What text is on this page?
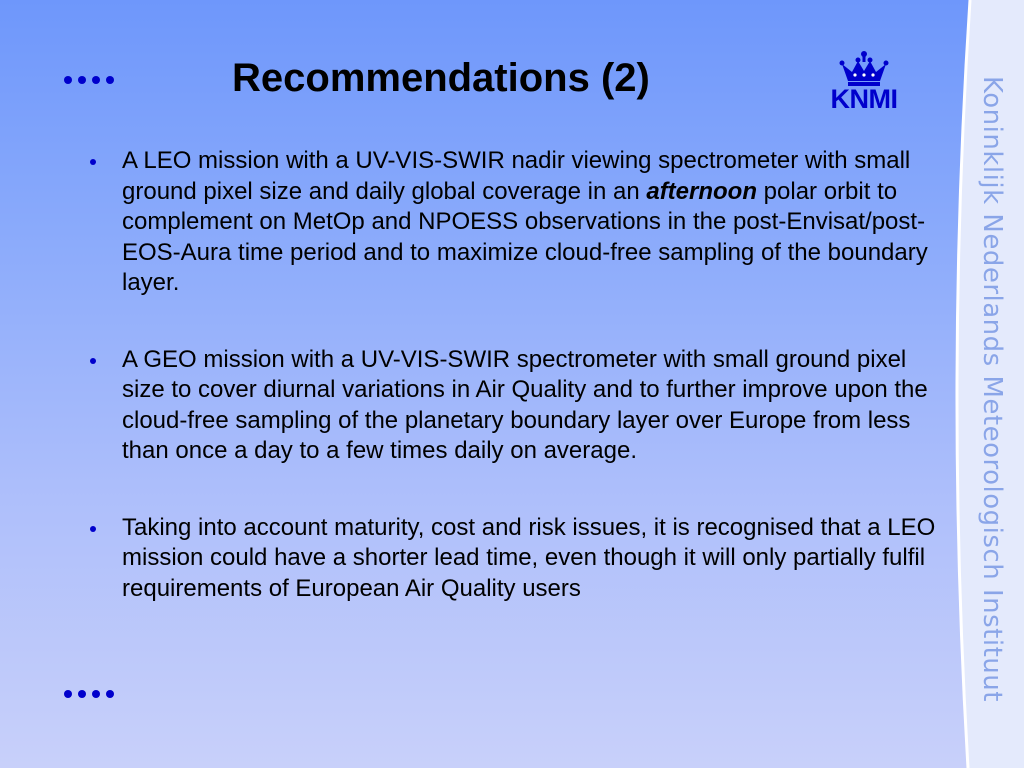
Recommendations (2)	KNMI	Koninklijk Nederlands Meteorologisch Instituut
A LEO mission with a UV-VIS-SWIR nadir viewing spectrometer with small ground pixel size and daily global coverage in an afternoon polar orbit to complement on MetOp and NPOESS observations in the post-Envisat/post-EOS-Aura time period and to maximize cloud-free sampling of the boundary layer.
A GEO mission with a UV-VIS-SWIR spectrometer with small ground pixel size to cover diurnal variations in Air Quality and to further improve upon the cloud-free sampling of the planetary boundary layer over Europe from less than once a day to a few times daily on average.
Taking into account maturity, cost and risk issues, it is recognised that a LEO mission could have a shorter lead time, even though it will only partially fulfil requirements of European Air Quality users
